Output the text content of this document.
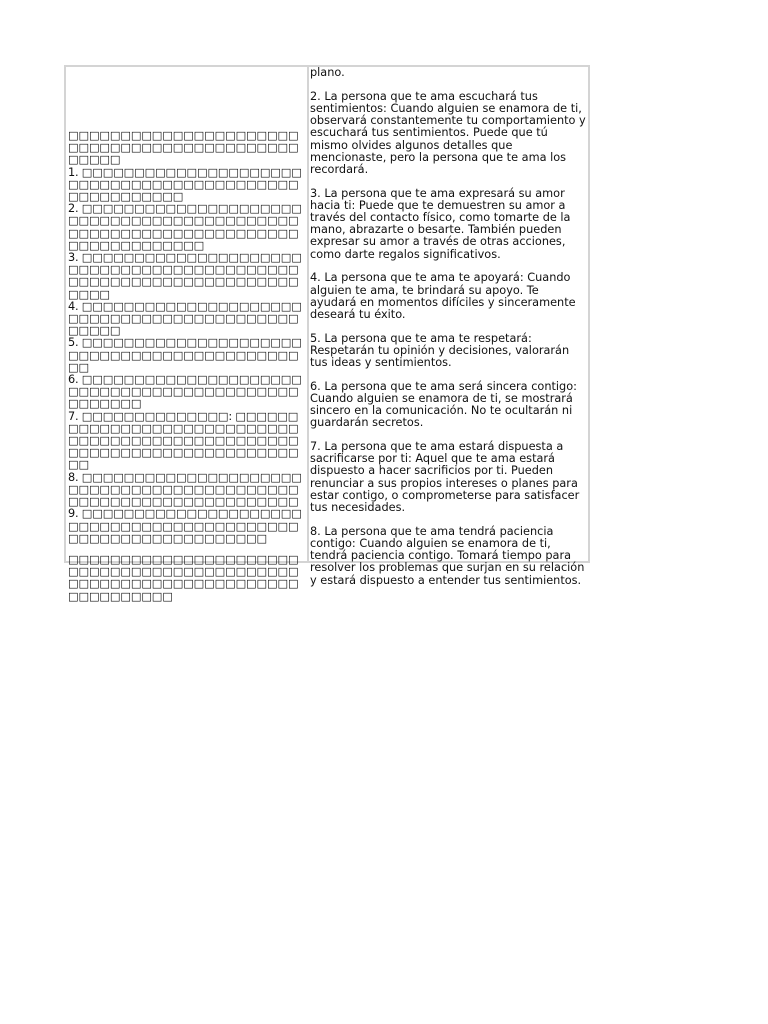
□□□□□□□□□□□□□□□□□□□□□□□□□□□□□□□□□□□□□□□□□□□□□□□□□

1. □□□□□□□□□□□□□□□□□□□□□□□□□□□□□□□□□□□□□□□□□□□□□□□□□□□□□□

2. □□□□□□□□□□□□□□□□□□□□□□□□□□□□□□□□□□□□□□□□□□□□□□□□□□□□□□□□□□□□□□□□□□□□□□□□□□□□□□

3. □□□□□□□□□□□□□□□□□□□□□□□□□□□□□□□□□□□□□□□□□□□□□□□□□□□□□□□□□□□□□□□□□□□□□

4. □□□□□□□□□□□□□□□□□□□□□□□□□□□□□□□□□□□□□□□□□□□□□□□□

5. □□□□□□□□□□□□□□□□□□□□□□□□□□□□□□□□□□□□□□□□□□□□□

6. □□□□□□□□□□□□□□□□□□□□□□□□□□□□□□□□□□□□□□□□□□□□□□□□□□

7. □□□□□□□□□□□□□□: □□□□□□□□□□□□□□□□□□□□□□□□□□□□□□□□□□□□□□□□□□□□□□□□□□□□□□□□□□□□□□□□□□□□□□□□□□

8. □□□□□□□□□□□□□□□□□□□□□□□□□□□□□□□□□□□□□□□□□□□□□□□□□□□□□□□□□□□□□□□□□

9. □□□□□□□□□□□□□□□□□□□□□□□□□□□□□□□□□□□□□□□□□□□□□□□□□□□□□□□□□□□□□□

□□□□□□□□□□□□□□□□□□□□□□□□□□□□□□□□□□□□□□□□□□□□□□□□□□□□□□□□□□□□□□□□□□□□□□□□□□□□

plano.

2. La persona que te ama escuchará tus sentimientos: Cuando alguien se enamora de ti, observará constantemente tu comportamiento y escuchará tus sentimientos. Puede que tú mismo olvides algunos detalles que mencionaste, pero la persona que te ama los recordará.

3. La persona que te ama expresará su amor hacia ti: Puede que te demuestren su amor a través del contacto físico, como tomarte de la mano, abrazarte o besarte. También pueden expresar su amor a través de otras acciones, como darte regalos significativos.

4. La persona que te ama te apoyará: Cuando alguien te ama, te brindará su apoyo. Te ayudará en momentos difíciles y sinceramente deseará tu éxito.

5. La persona que te ama te respetará: Respetarán tu opinión y decisiones, valorarán tus ideas y sentimientos.

6. La persona que te ama será sincera contigo: Cuando alguien se enamora de ti, se mostrará sincero en la comunicación. No te ocultarán ni guardarán secretos.

7. La persona que te ama estará dispuesta a sacrificarse por ti: Aquel que te ama estará dispuesto a hacer sacrificios por ti. Pueden renunciar a sus propios intereses o planes para estar contigo, o comprometerse para satisfacer tus necesidades.

8. La persona que te ama tendrá paciencia contigo: Cuando alguien se enamora de ti, tendrá paciencia contigo. Tomará tiempo para resolver los problemas que surjan en su relación y estará dispuesto a entender tus sentimientos.
